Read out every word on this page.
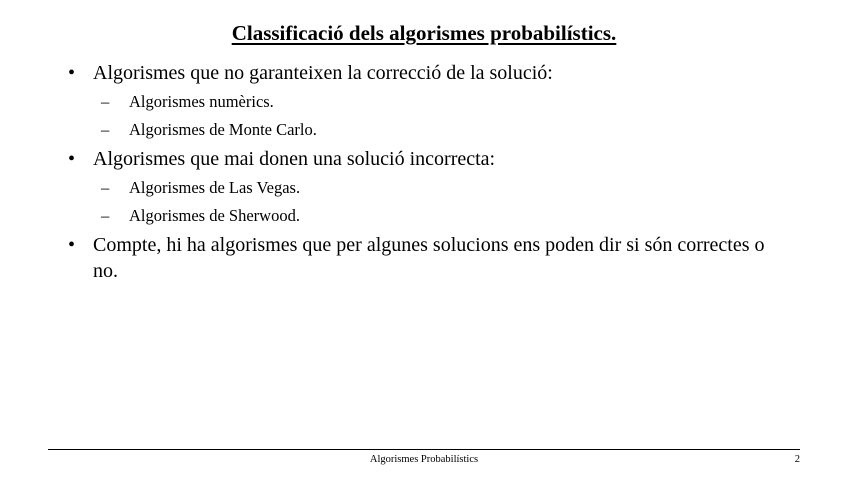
Classificació dels algorismes probabilístics.
• Algorismes que no garanteixen la correcció de la solució:
– Algorismes numèrics.
– Algorismes de Monte Carlo.
• Algorismes que mai donen una solució incorrecta:
– Algorismes de Las Vegas.
– Algorismes de Sherwood.
• Compte, hi ha algorismes que per algunes solucions ens poden dir si són correctes o no.
Algorismes Probabilístics	2
